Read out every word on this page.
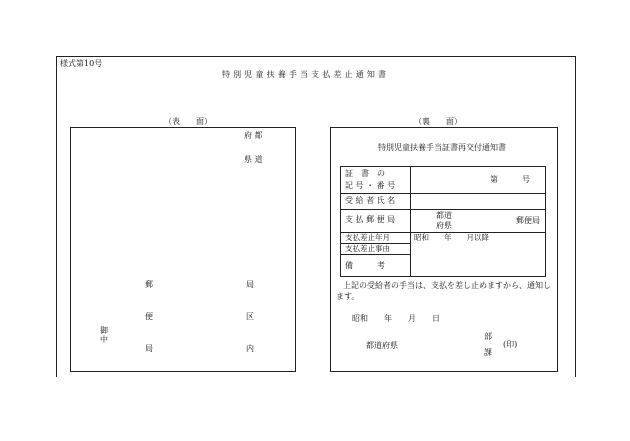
様式第10号
特 別 児 童 扶 養 手 当 支 払 差 止 通 知 書
（表　　面）
府 都
県 道
郵
便
局
局
区
内
御 中
（裏　　面）
特別児童扶養手当証書再交付通知書
証　書　の
記 号 ・ 番 号
第　　　号
受 給 者 氏 名
支 払 郵 便 局	都道
府県
郵便局
支払差止年月	昭和　　年　　月以降
支払差止事由
備　　　考
上記の受給者の手当は、支払を差し止めますから、通知し
ます。
昭和　　年　　月　　日
都道府県
部
課
(印)
